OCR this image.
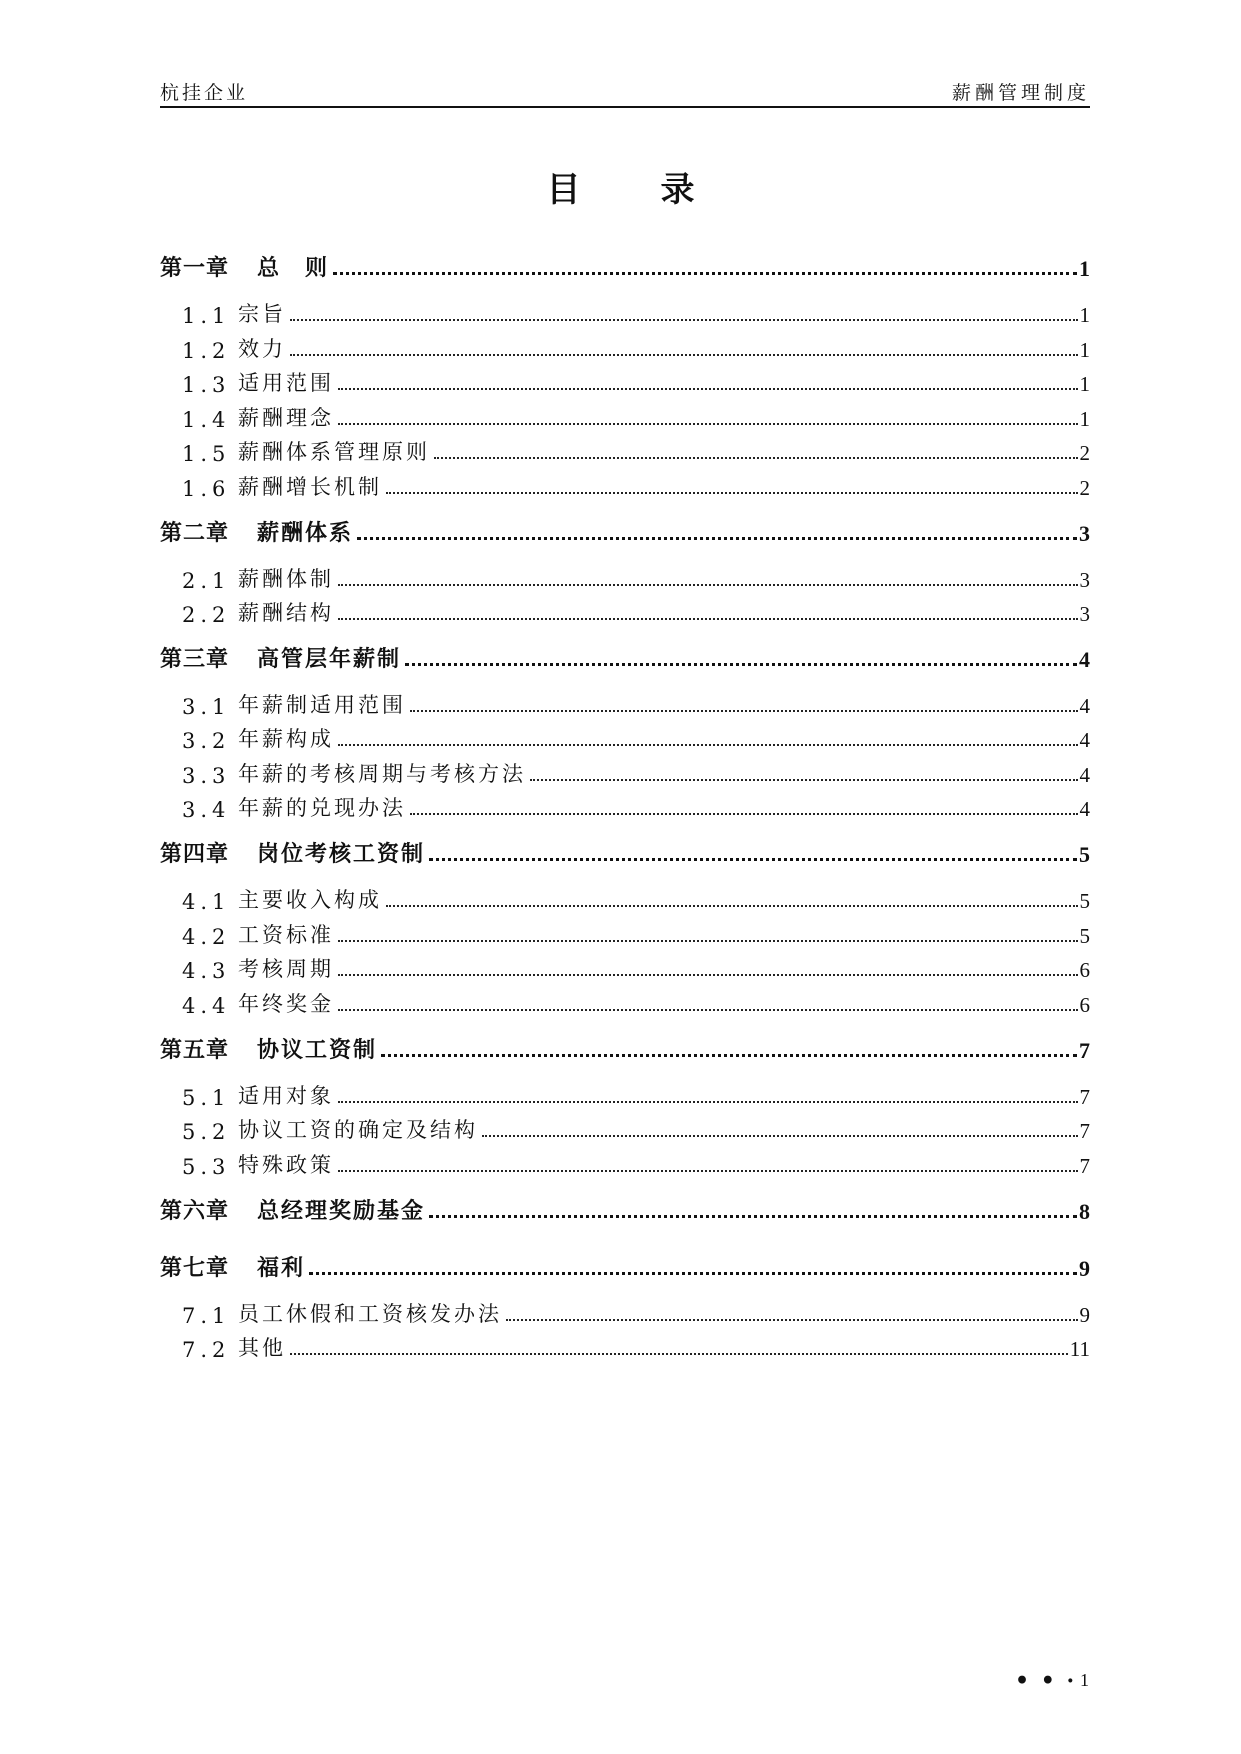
杭挂企业	薪酬管理制度
目录
第一章 总　则	1
1.1 宗旨	1
1.2 效力	1
1.3 适用范围	1
1.4 薪酬理念	1
1.5 薪酬体系管理原则	2
1.6 薪酬增长机制	2
第二章 薪酬体系	3
2.1 薪酬体制	3
2.2 薪酬结构	3
第三章 高管层年薪制	4
3.1 年薪制适用范围	4
3.2 年薪构成	4
3.3 年薪的考核周期与考核方法	4
3.4 年薪的兑现办法	4
第四章 岗位考核工资制	5
4.1 主要收入构成	5
4.2 工资标准	5
4.3 考核周期	6
4.4 年终奖金	6
第五章 协议工资制	7
5.1 适用对象	7
5.2 协议工资的确定及结构	7
5.3 特殊政策	7
第六章 总经理奖励基金	8
第七章 福利	9
7.1 员工休假和工资核发办法	9
7.2 其他	11
• • · 1
